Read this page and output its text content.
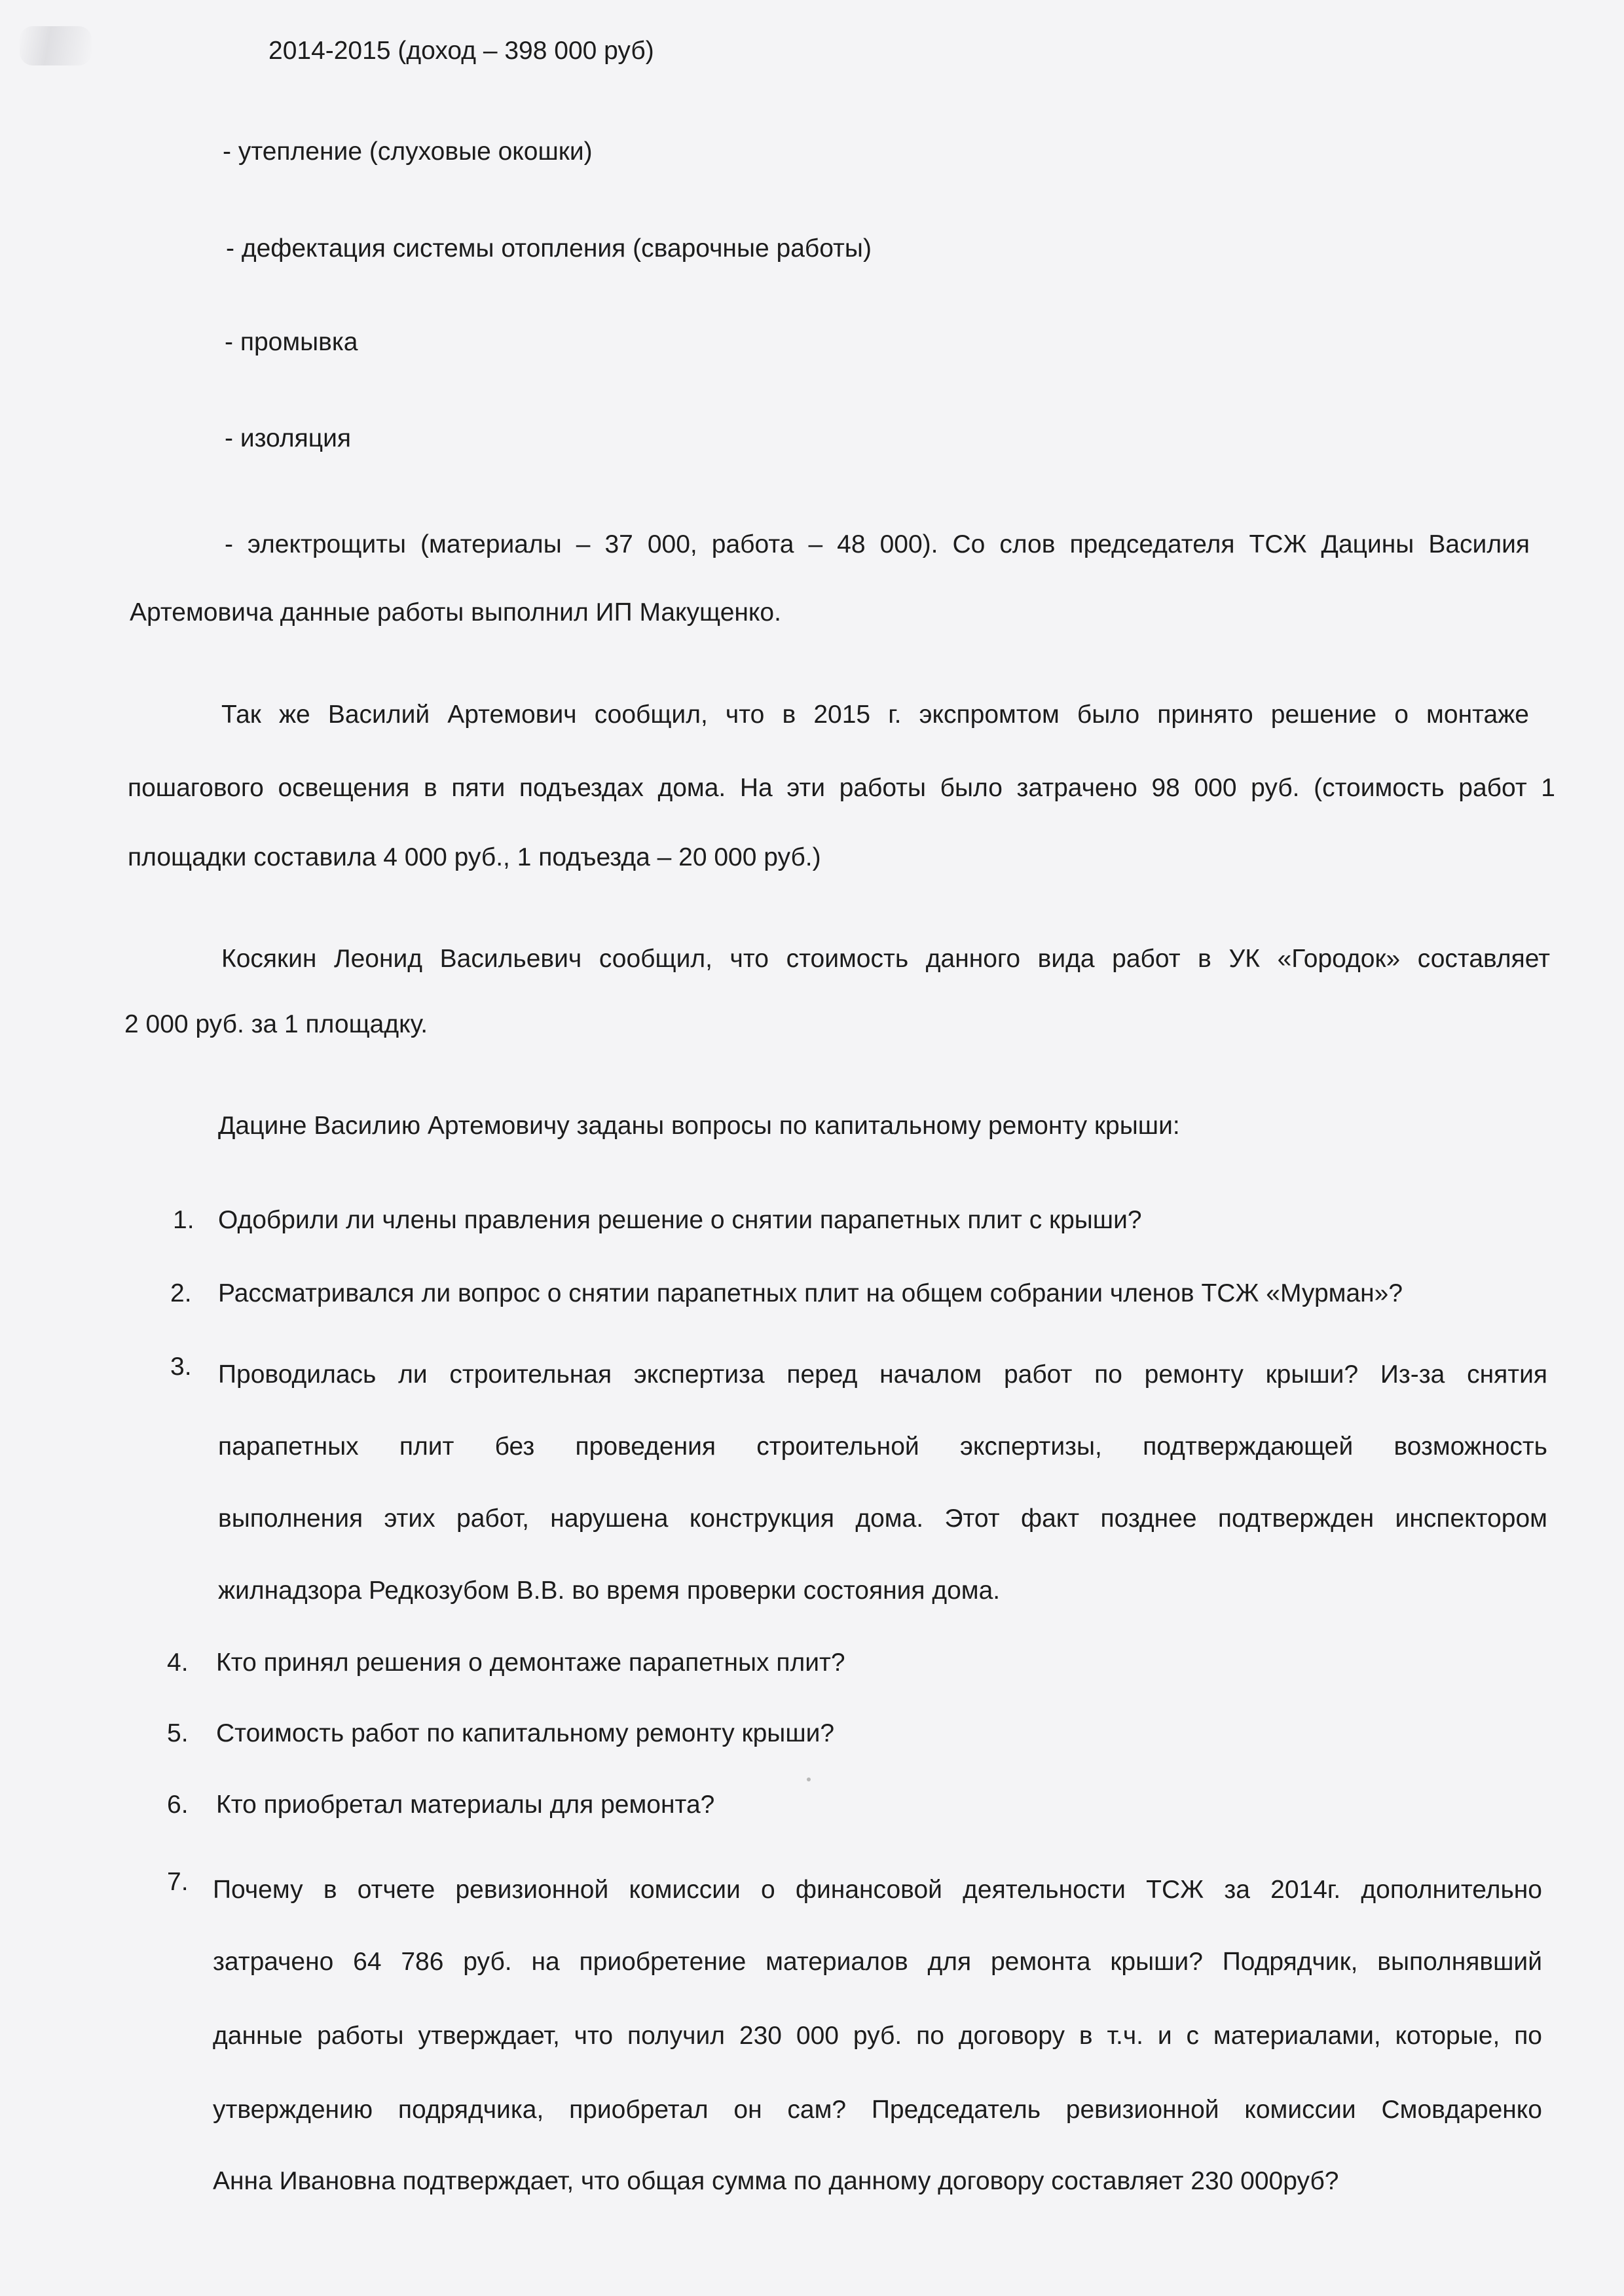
2014-2015 (доход – 398 000 руб)
- утепление (слуховые окошки)
- дефектация системы отопления (сварочные работы)
- промывка
- изоляция
- электрощиты (материалы – 37 000, работа – 48 000). Со слов председателя ТСЖ Дацины Василия
Артемовича данные работы выполнил ИП Макущенко.
Так же Василий Артемович сообщил, что в 2015 г. экспромтом было принято решение о монтаже
пошагового освещения в пяти подъездах дома. На эти работы было затрачено 98 000 руб. (стоимость работ 1
площадки составила 4 000 руб., 1 подъезда – 20 000 руб.)
Косякин Леонид Васильевич сообщил, что стоимость данного вида работ в УК «Городок» составляет
2 000 руб. за 1 площадку.
Дацине Василию Артемовичу заданы вопросы по капитальному ремонту крыши:
1. Одобрили ли члены правления решение о снятии парапетных плит с крыши?
2. Рассматривался ли вопрос о снятии парапетных плит на общем собрании членов ТСЖ «Мурман»?
3. Проводилась ли строительная экспертиза перед началом работ по ремонту крыши? Из-за снятия
парапетных плит без проведения строительной экспертизы, подтверждающей возможность
выполнения этих работ, нарушена конструкция дома. Этот факт позднее подтвержден инспектором
жилнадзора Редкозубом В.В. во время проверки состояния дома.
4. Кто принял решения о демонтаже парапетных плит?
5. Стоимость работ по капитальному ремонту крыши?
6. Кто приобретал материалы для ремонта?
7. Почему в отчете ревизионной комиссии о финансовой деятельности ТСЖ за 2014г. дополнительно
затрачено 64 786 руб. на приобретение материалов для ремонта крыши? Подрядчик, выполнявший
данные работы утверждает, что получил 230 000 руб. по договору в т.ч. и с материалами, которые, по
утверждению подрядчика, приобретал он сам? Председатель ревизионной комиссии Смовдаренко
Анна Ивановна подтверждает, что общая сумма по данному договору составляет 230 000руб?
